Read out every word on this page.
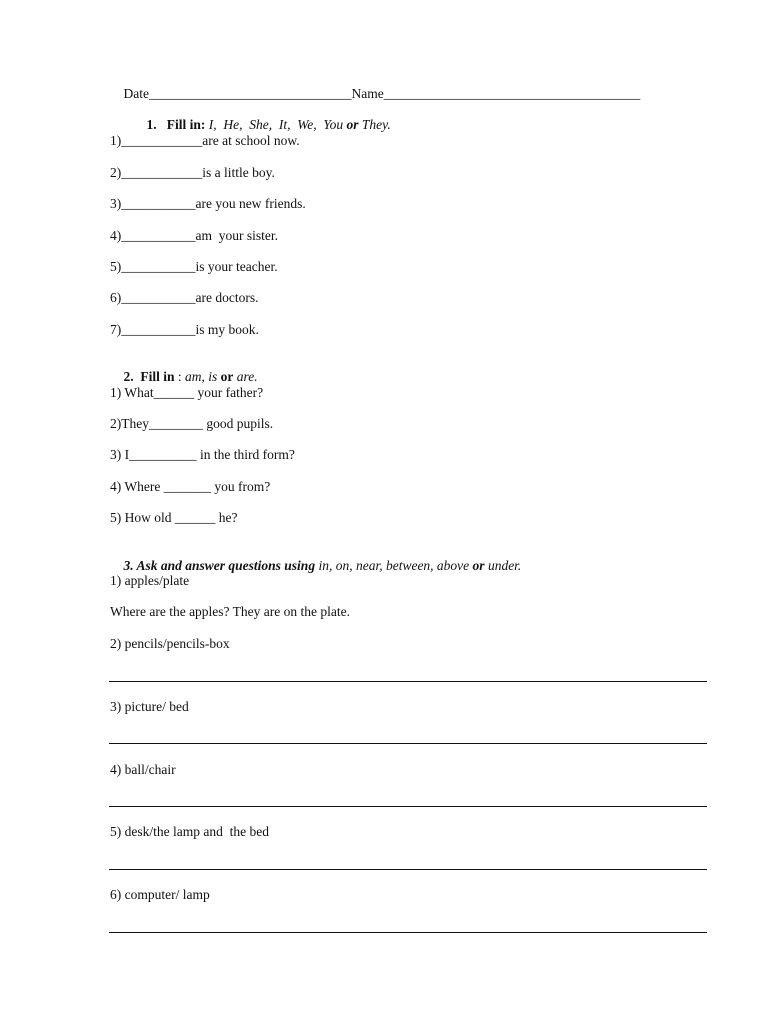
Date______________________________Name______________________________________

1. Fill in: I,  He,  She,  It,  We,  You or They.

1)____________are at school now.
2)____________is a little boy.
3)___________are you new friends.
4)___________am  your sister.
5)___________is your teacher.
6)___________are doctors.
7)___________is my book.

2.  Fill in : am, is or are.

1) What______ your father?
2)They________ good pupils.
3) I__________ in the third form?
4) Where _______ you from?
5) How old ______ he?

3. Ask and answer questions using in, on, near, between, above or under.

1) apples/plate
Where are the apples? They are on the plate.
2) pencils/pencils-box
3) picture/ bed
4) ball/chair
5) desk/the lamp and  the bed
6) computer/ lamp
